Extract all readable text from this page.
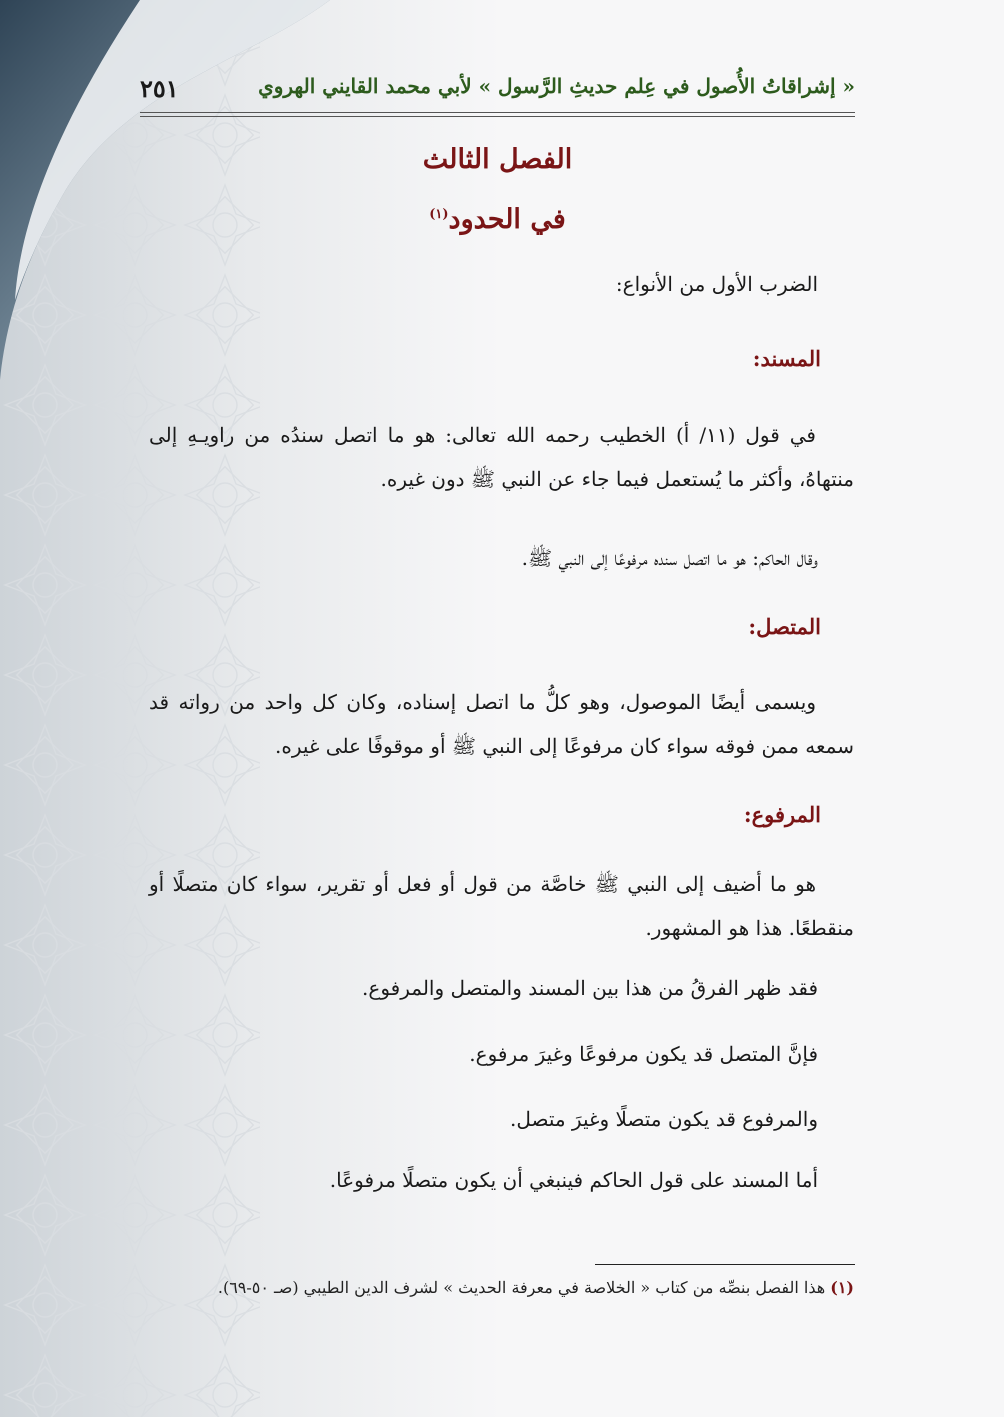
٢٥١	« إشراقاتُ الأُصول في عِلم حديثِ الرَّسول » لأبي محمد القايني الهروي
الفصل الثالث
في الحدود$^{(١)}$
الضرب الأول من الأنواع:
المسند:
في قول (١١/ أ) الخطيب رحمه الله تعالى: هو ما اتصل سندُه من راويـهِ إلى منتهاهُ، وأكثر ما يُستعمل فيما جاء عن النبي ﷺ دون غيره.
وقال الحاكم: هو ما اتصل سنده مرفوعًا إلى النبي ﷺ.
المتصل:
ويسمى أيضًا الموصول، وهو كلُّ ما اتصل إسناده، وكان كل واحد من رواته قد سمعه ممن فوقه سواء كان مرفوعًا إلى النبي ﷺ أو موقوفًا على غيره.
المرفوع:
هو ما أضيف إلى النبي ﷺ خاصَّة من قول أو فعل أو تقرير، سواء كان متصلًا أو منقطعًا. هذا هو المشهور.
فقد ظهر الفرقُ من هذا بين المسند والمتصل والمرفوع.
فإنَّ المتصل قد يكون مرفوعًا وغيرَ مرفوع.
والمرفوع قد يكون متصلًا وغيرَ متصل.
أما المسند على قول الحاكم فينبغي أن يكون متصلًا مرفوعًا.
(١) هذا الفصل بنصِّه من كتاب « الخلاصة في معرفة الحديث » لشرف الدين الطيبي (صـ ٥٠-٦٩).
